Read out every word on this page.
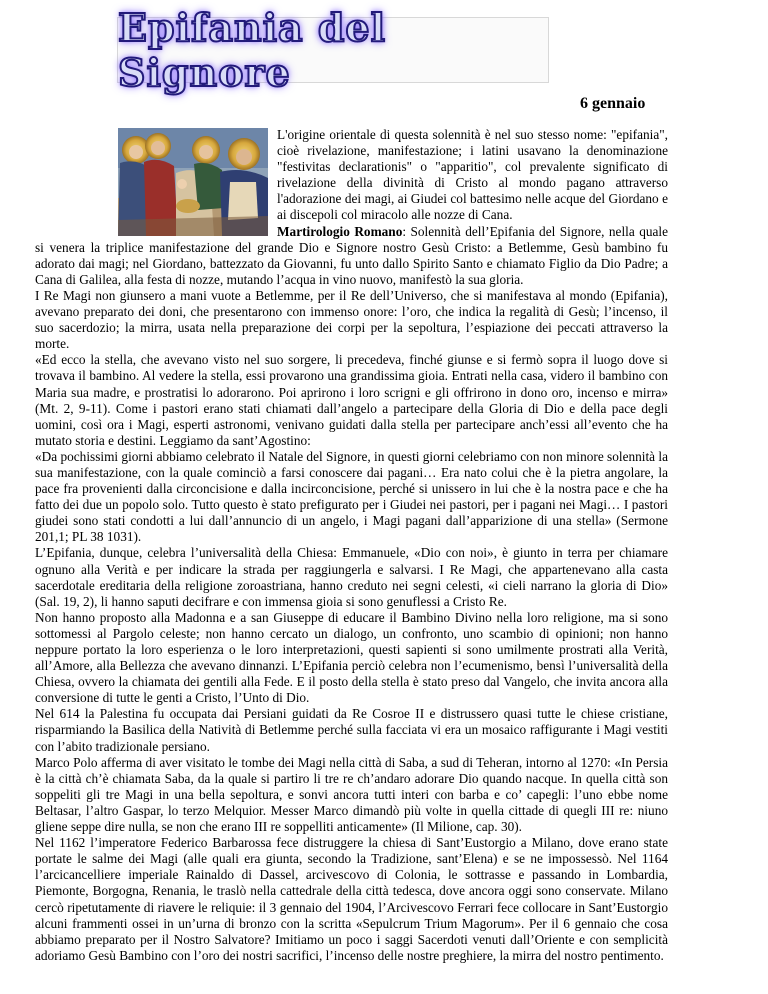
Epifania del Signore
6 gennaio

L'origine orientale di questa solennità è nel suo stesso nome: "epifania", cioè rivelazione, manifestazione; i latini usavano la denominazione "festivitas declarationis" o "apparitio", col prevalente significato di rivelazione della divinità di Cristo al mondo pagano attraverso l'adorazione dei magi, ai Giudei col battesimo nelle acque del Giordano e ai discepoli col miracolo alle nozze di Cana.

Martirologio Romano: Solennità dell’Epifania del Signore, nella quale si venera la triplice manifestazione del grande Dio e Signore nostro Gesù Cristo: a Betlemme, Gesù bambino fu adorato dai magi; nel Giordano, battezzato da Giovanni, fu unto dallo Spirito Santo e chiamato Figlio da Dio Padre; a Cana di Galilea, alla festa di nozze, mutando l’acqua in vino nuovo, manifestò la sua gloria.

I Re Magi non giunsero a mani vuote a Betlemme, per il Re dell’Universo, che si manifestava al mondo (Epifania), avevano preparato dei doni, che presentarono con immenso onore: l’oro, che indica la regalità di Gesù; l’incenso, il suo sacerdozio; la mirra, usata nella preparazione dei corpi per la sepoltura, l’espiazione dei peccati attraverso la morte.

«Ed ecco la stella, che avevano visto nel suo sorgere, li precedeva, finché giunse e si fermò sopra il luogo dove si trovava il bambino. Al vedere la stella, essi provarono una grandissima gioia. Entrati nella casa, videro il bambino con Maria sua madre, e prostratisi lo adorarono. Poi aprirono i loro scrigni e gli offrirono in dono oro, incenso e mirra» (Mt. 2, 9-11). Come i pastori erano stati chiamati dall’angelo a partecipare della Gloria di Dio e della pace degli uomini, così ora i Magi, esperti astronomi, venivano guidati dalla stella per partecipare anch’essi all’evento che ha mutato storia e destini. Leggiamo da sant’Agostino:

«Da pochissimi giorni abbiamo celebrato il Natale del Signore, in questi giorni celebriamo con non minore solennità la sua manifestazione, con la quale cominciò a farsi conoscere dai pagani… Era nato colui che è la pietra angolare, la pace fra provenienti dalla circoncisione e dalla incirconcisione, perché si unissero in lui che è la nostra pace e che ha fatto dei due un popolo solo. Tutto questo è stato prefigurato per i Giudei nei pastori, per i pagani nei Magi… I pastori giudei sono stati condotti a lui dall’annuncio di un angelo, i Magi pagani dall’apparizione di una stella» (Sermone 201,1; PL 38 1031).

L’Epifania, dunque, celebra l’universalità della Chiesa: Emmanuele, «Dio con noi», è giunto in terra per chiamare ognuno alla Verità e per indicare la strada per raggiungerla e salvarsi. I Re Magi, che appartenevano alla casta sacerdotale ereditaria della religione zoroastriana, hanno creduto nei segni celesti, «i cieli narrano la gloria di Dio» (Sal. 19, 2), li hanno saputi decifrare e con immensa gioia si sono genuflessi a Cristo Re.

Non hanno proposto alla Madonna e a san Giuseppe di educare il Bambino Divino nella loro religione, ma si sono sottomessi al Pargolo celeste; non hanno cercato un dialogo, un confronto, uno scambio di opinioni; non hanno neppure portato la loro esperienza o le loro interpretazioni, questi sapienti si sono umilmente prostrati alla Verità, all’Amore, alla Bellezza che avevano dinnanzi. L’Epifania perciò celebra non l’ecumenismo, bensì l’universalità della Chiesa, ovvero la chiamata dei gentili alla Fede. E il posto della stella è stato preso dal Vangelo, che invita ancora alla conversione di tutte le genti a Cristo, l’Unto di Dio.

Nel 614 la Palestina fu occupata dai Persiani guidati da Re Cosroe II e distrussero quasi tutte le chiese cristiane, risparmiando la Basilica della Natività di Betlemme perché sulla facciata vi era un mosaico raffigurante i Magi vestiti con l’abito tradizionale persiano.

Marco Polo afferma di aver visitato le tombe dei Magi nella città di Saba, a sud di Teheran, intorno al 1270: «In Persia è la città ch’è chiamata Saba, da la quale si partiro li tre re ch’andaro adorare Dio quando nacque. In quella città son soppeliti gli tre Magi in una bella sepoltura, e sonvi ancora tutti interi con barba e co’ capegli: l’uno ebbe nome Beltasar, l’altro Gaspar, lo terzo Melquior. Messer Marco dimandò più volte in quella cittade di quegli III re: niuno gliene seppe dire nulla, se non che erano III re soppelliti anticamente» (Il Milione, cap. 30).

Nel 1162 l’imperatore Federico Barbarossa fece distruggere la chiesa di Sant’Eustorgio a Milano, dove erano state portate le salme dei Magi (alle quali era giunta, secondo la Tradizione, sant’Elena) e se ne impossessò. Nel 1164 l’arcicancelliere imperiale Rainaldo di Dassel, arcivescovo di Colonia, le sottrasse e passando in Lombardia, Piemonte, Borgogna, Renania, le traslò nella cattedrale della città tedesca, dove ancora oggi sono conservate. Milano cercò ripetutamente di riavere le reliquie: il 3 gennaio del 1904, l’Arcivescovo Ferrari fece collocare in Sant’Eustorgio alcuni frammenti ossei in un’urna di bronzo con la scritta «Sepulcrum Trium Magorum». Per il 6 gennaio che cosa abbiamo preparato per il Nostro Salvatore? Imitiamo un poco i saggi Sacerdoti venuti dall’Oriente e con semplicità adoriamo Gesù Bambino con l’oro dei nostri sacrifici, l’incenso delle nostre preghiere, la mirra del nostro pentimento.
